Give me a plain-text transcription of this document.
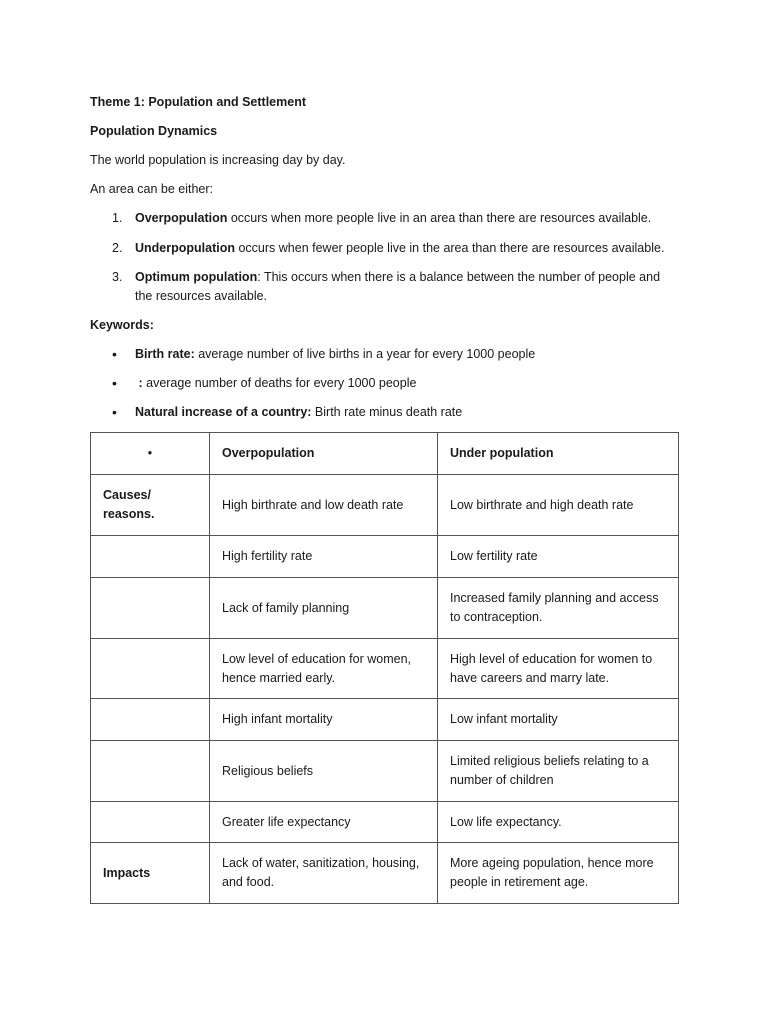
Theme 1: Population and Settlement
Population Dynamics
The world population is increasing day by day.
An area can be either:
1. Overpopulation occurs when more people live in an area than there are resources available.
2. Underpopulation occurs when fewer people live in the area than there are resources available.
3. Optimum population: This occurs when there is a balance between the number of people and the resources available.
Keywords:
• Birth rate: average number of live births in a year for every 1000 people
• : average number of deaths for every 1000 people
• Natural increase of a country: Birth rate minus death rate
•	Overpopulation	Under population
Causes/ reasons.	High birthrate and low death rate	Low birthrate and high death rate
	High fertility rate	Low fertility rate
	Lack of family planning	Increased family planning and access to contraception.
	Low level of education for women, hence married early.	High level of education for women to have careers and marry late.
	High infant mortality	Low infant mortality
	Religious beliefs	Limited religious beliefs relating to a number of children
	Greater life expectancy	Low life expectancy.
Impacts	Lack of water, sanitization, housing, and food.	More ageing population, hence more people in retirement age.
